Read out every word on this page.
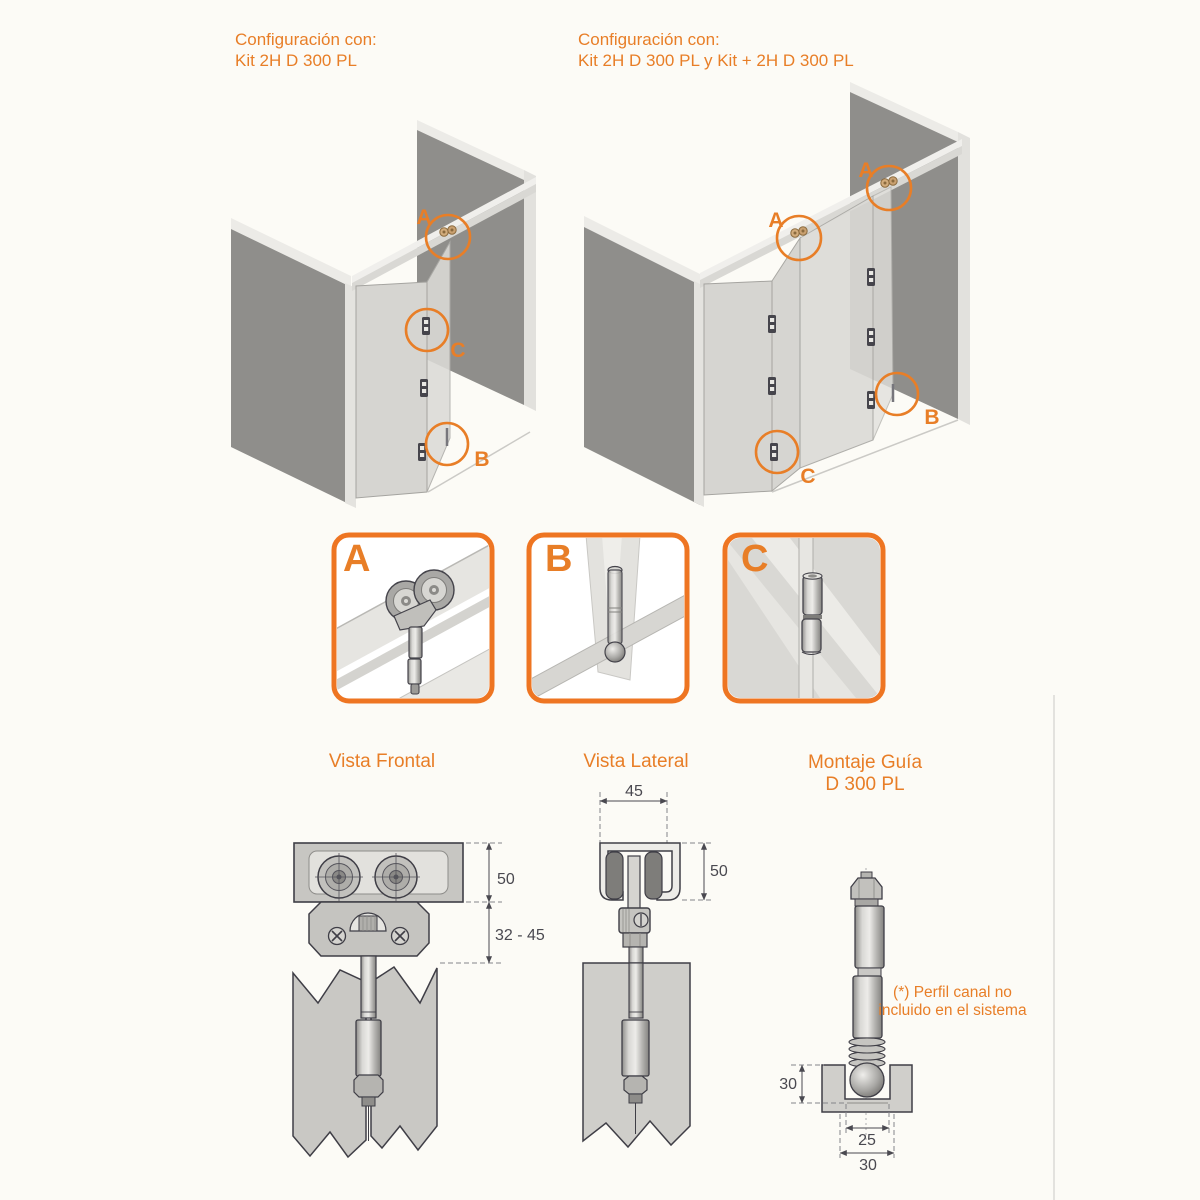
A
C
B
A
A
B
C
A	B	C
50
32 - 45
45
50
30
25
30
Configuración con:
Kit 2H D 300 PL
Configuración con:
Kit 2H D 300 PL y Kit + 2H D 300 PL
Vista Frontal	Vista Lateral	Montaje Guía
D 300 PL
(*) Perfil canal no
incluido en el sistema
